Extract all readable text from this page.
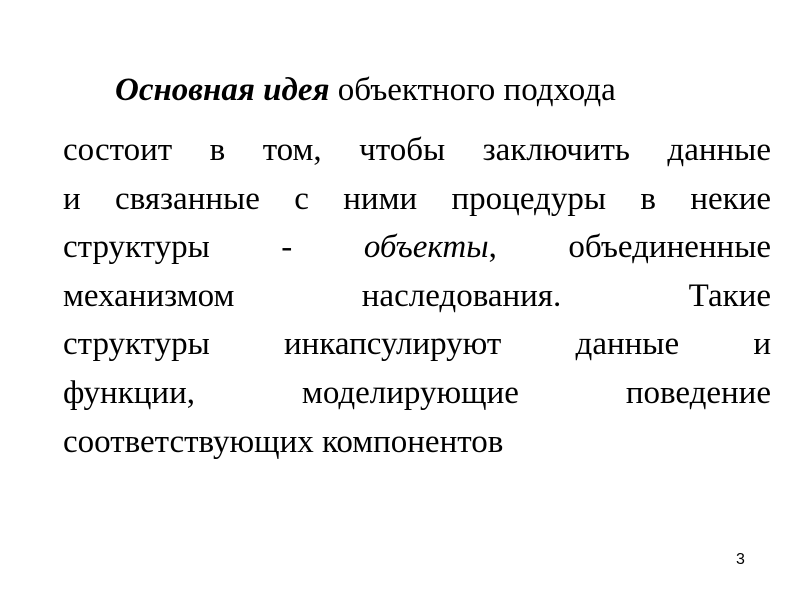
Основная идея объектного подхода

состоит в том, чтобы заключить данные
и связанные с ними процедуры в некие
структуры - объекты, объединенные
механизмом наследования. Такие
структуры инкапсулируют данные и
функции, моделирующие поведение
соответствующих компонентов

3
